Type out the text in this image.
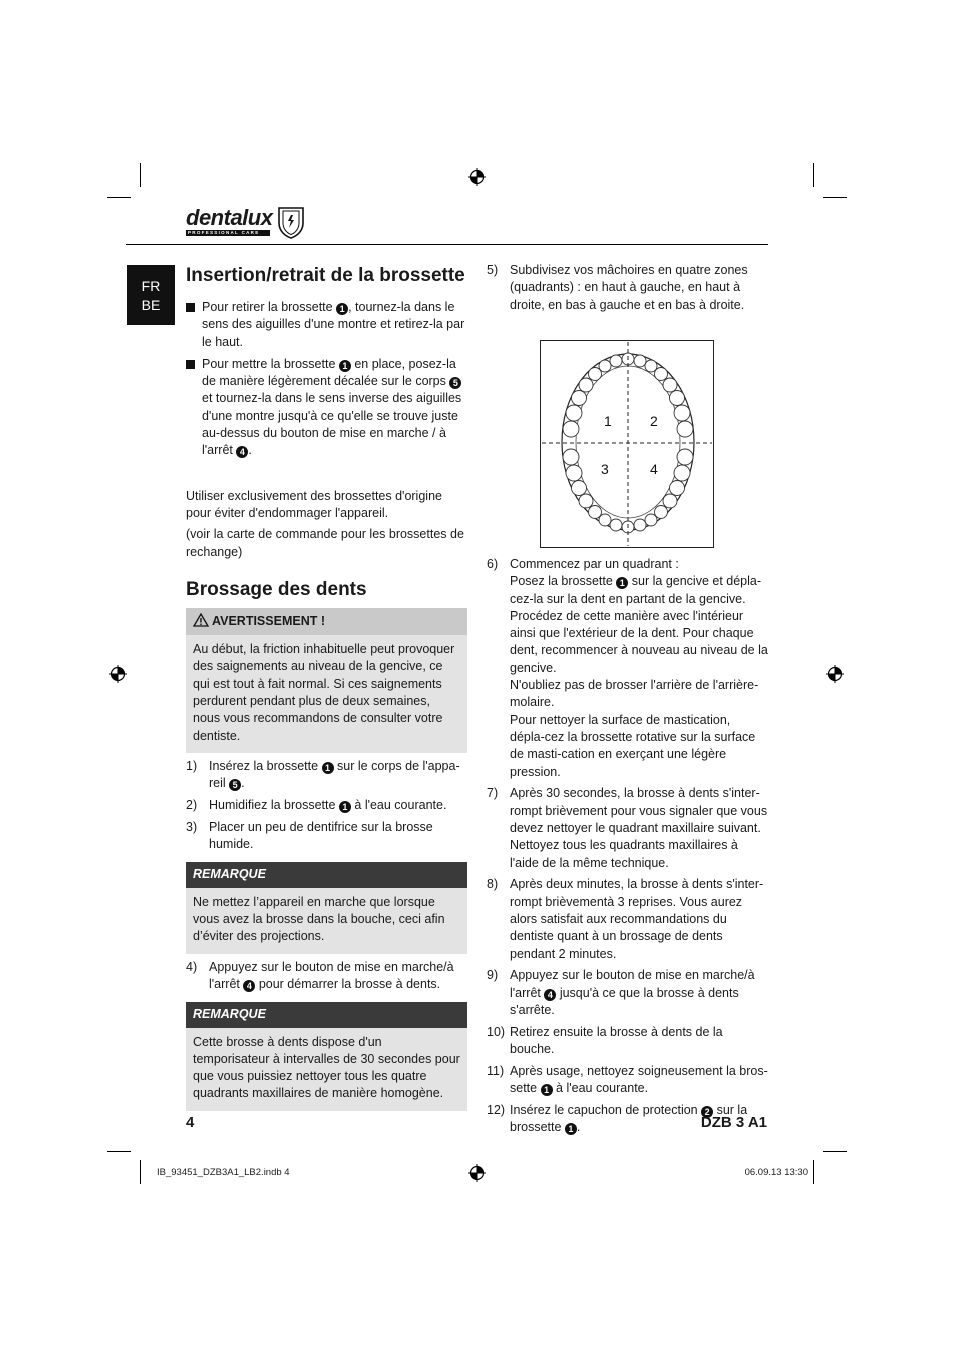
dentalux
PROFESSIONAL CARE
FR
BE
Insertion/retrait de la brossette
Pour retirer la brossette 1 , tournez-la dans le sens des aiguilles d'une montre et retirez-la par le haut.
Pour mettre la brossette 1 en place, posez-la de manière légèrement décalée sur le corps 5 et tournez-la dans le sens inverse des aiguilles d'une montre jusqu'à ce qu'elle se trouve juste au-dessus du bouton de mise en marche / à l'arrêt 4 .

Utiliser exclusivement des brossettes d'origine pour éviter d'endommager l'appareil.

(voir la carte de commande pour les brossettes de rechange)

Brossage des dents
AVERTISSEMENT !
Au début, la friction inhabituelle peut provoquer des saignements au niveau de la gencive, ce qui est tout à fait normal. Si ces saignements perdurent pendant plus de deux semaines, nous vous recommandons de consulter votre dentiste.
1) Insérez la brossette 1 sur le corps de l'appa-reil 5 .
2) Humidifiez la brossette 1 à l'eau courante.
3) Placer un peu de dentifrice sur la brosse humide.
REMARQUE
Ne mettez l’appareil en marche que lorsque vous avez la brosse dans la bouche, ceci afin d’éviter des projections.
4) Appuyez sur le bouton de mise en marche/à l'arrêt 4 pour démarrer la brosse à dents.
REMARQUE
Cette brosse à dents dispose d'un temporisateur à intervalles de 30 secondes pour que vous puissiez nettoyer tous les quatre quadrants maxillaires de manière homogène.
5) Subdivisez vos mâchoires en quatre zones (quadrants) : en haut à gauche, en haut à droite, en bas à gauche et en bas à droite.
1	2
3	4
6) Commencez par un quadrant :
Posez la brossette 1 sur la gencive et dépla-cez-la sur la dent en partant de la gencive. Procédez de cette manière avec l'intérieur ainsi que l'extérieur de la dent. Pour chaque dent, recommencer à nouveau au niveau de la gencive.
N'oubliez pas de brosser l'arrière de l'arrière-molaire.
Pour nettoyer la surface de mastication, dépla-cez la brossette rotative sur la surface de masti-cation en exerçant une légère pression.
7) Après 30 secondes, la brosse à dents s'inter-rompt brièvement pour vous signaler que vous devez nettoyer le quadrant maxillaire suivant. Nettoyez tous les quadrants maxillaires à l'aide de la même technique.
8) Après deux minutes, la brosse à dents s'inter-rompt brièvementà 3 reprises. Vous aurez alors satisfait aux recommandations du dentiste quant à un brossage de dents pendant 2 minutes.
9) Appuyez sur le bouton de mise en marche/à l'arrêt 4 jusqu'à ce que la brosse à dents s'arrête.
10) Retirez ensuite la brosse à dents de la bouche.
11) Après usage, nettoyez soigneusement la bros-sette 1 à l'eau courante.
12) Insérez le capuchon de protection 2 sur la brossette 1 .
4	DZB 3 A1
IB_93451_DZB3A1_LB2.indb 4	06.09.13 13:30
